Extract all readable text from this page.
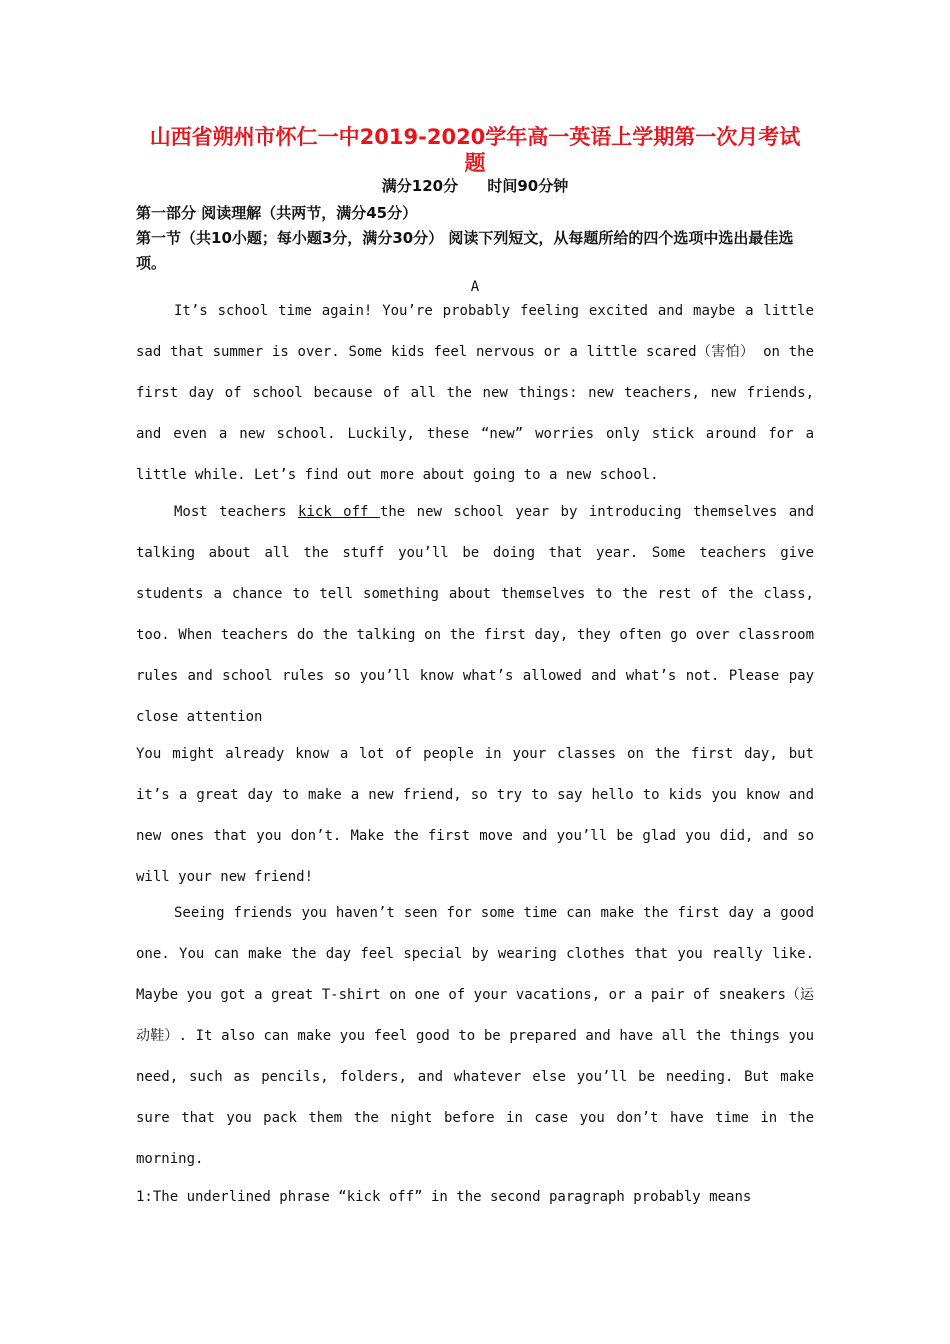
山西省朔州市怀仁一中2019-2020学年高一英语上学期第一次月考试
题
满分120分 时间90分钟
第一部分 阅读理解（共两节，满分45分）
第一节（共10小题；每小题3分，满分30分） 阅读下列短文，从每题所给的四个选项中选出最佳选项。
A

It’s school time again! You’re probably feeling excited and maybe a little sad that summer is over. Some kids feel nervous or a little scared（害怕） on the first day of school because of all the new things: new teachers, new friends, and even a new school. Luckily, these “new” worries only stick around for a little while. Let’s find out more about going to a new school.

Most teachers kick off the new school year by introducing themselves and talking about all the stuff you’ll be doing that year. Some teachers give students a chance to tell something about themselves to the rest of the class, too. When teachers do the talking on the first day, they often go over classroom rules and school rules so you’ll know what’s allowed and what’s not. Please pay close attention

You might already know a lot of people in your classes on the first day, but it’s a great day to make a new friend, so try to say hello to kids you know and new ones that you don’t. Make the first move and you’ll be glad you did, and so will your new friend!

Seeing friends you haven’t seen for some time can make the first day a good one. You can make the day feel special by wearing clothes that you really like. Maybe you got a great T-shirt on one of your vacations, or a pair of sneakers（运动鞋）. It also can make you feel good to be prepared and have all the things you need, such as pencils, folders, and whatever else you’ll be needing. But make sure that you pack them the night before in case you don’t have time in the morning.

1:The underlined phrase “kick off” in the second paragraph probably means
